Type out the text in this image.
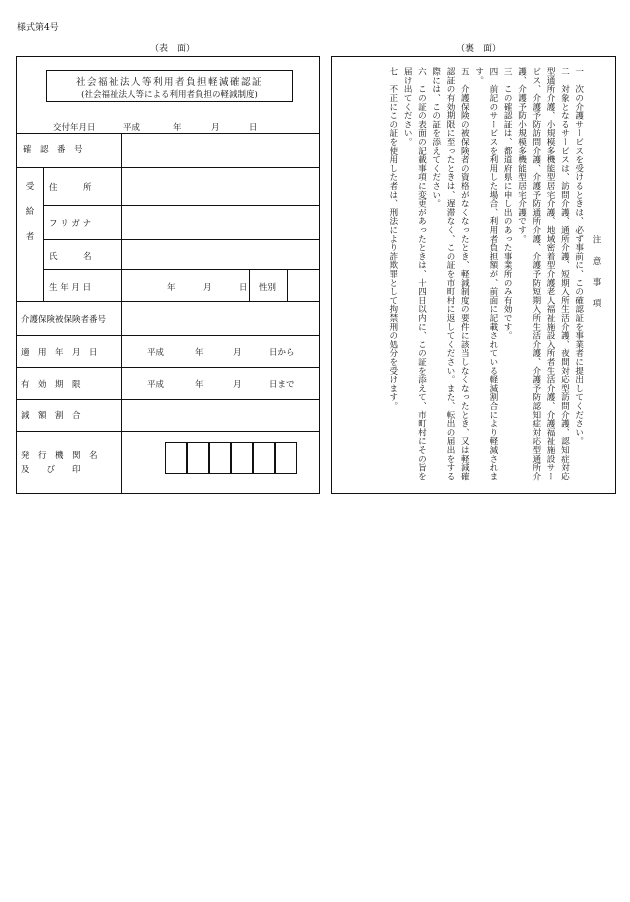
様式第4号
（表　面）	（裏　面）
社会福祉法人等利用者負担軽減確認証
(社会福祉法人等による利用者負担の軽減制度)
交付年月日	平成	年	月	日
確　認　番　号
受　給　者
住　　　所
フ リ ガ ナ
氏　　　名
生 年 月 日	年	月	日 性別
介護保険被保険者番号
適　用　年　月　日	平成	年	月	日から
有　効　期　限	平成	年	月	日まで
減　額　割　合
発　行　機　関　名
及　　び　　印
注　意　事　項
一　次の介護サービスを受けるときは、必ず事前に、この確認証を事業者に提出してください。
二　対象となるサービスは、訪問介護、通所介護、短期入所生活介護、夜間対応型訪問介護、認知症対応型通所介護、小規模多機能型居宅介護、地域密着型介護老人福祉施設入所者生活介護、介護福祉施設サービス、介護予防訪問介護、介護予防通所介護、介護予防短期入所生活介護、介護予防認知症対応型通所介護、介護予防小規模多機能型居宅介護です。
三　この確認証は、都道府県に申し出のあった事業所のみ有効です。
四　前記のサービスを利用した場合、利用者負担額が、前面に記載されている軽減割合により軽減されます。
五　介護保険の被保険者の資格がなくなったとき、軽減制度の要件に該当しなくなったとき、又は軽減確認証の有効期限に至ったときは、遅滞なく、この証を市町村に返してください。また、転出の届出をする際には、この証を添えてください。
六　この証の表面の記載事項に変更があったときは、十四日以内に、この証を添えて、市町村にその旨を届け出てください。
七　不正にこの証を使用した者は、刑法により詐欺罪として拘禁刑の処分を受けます。
